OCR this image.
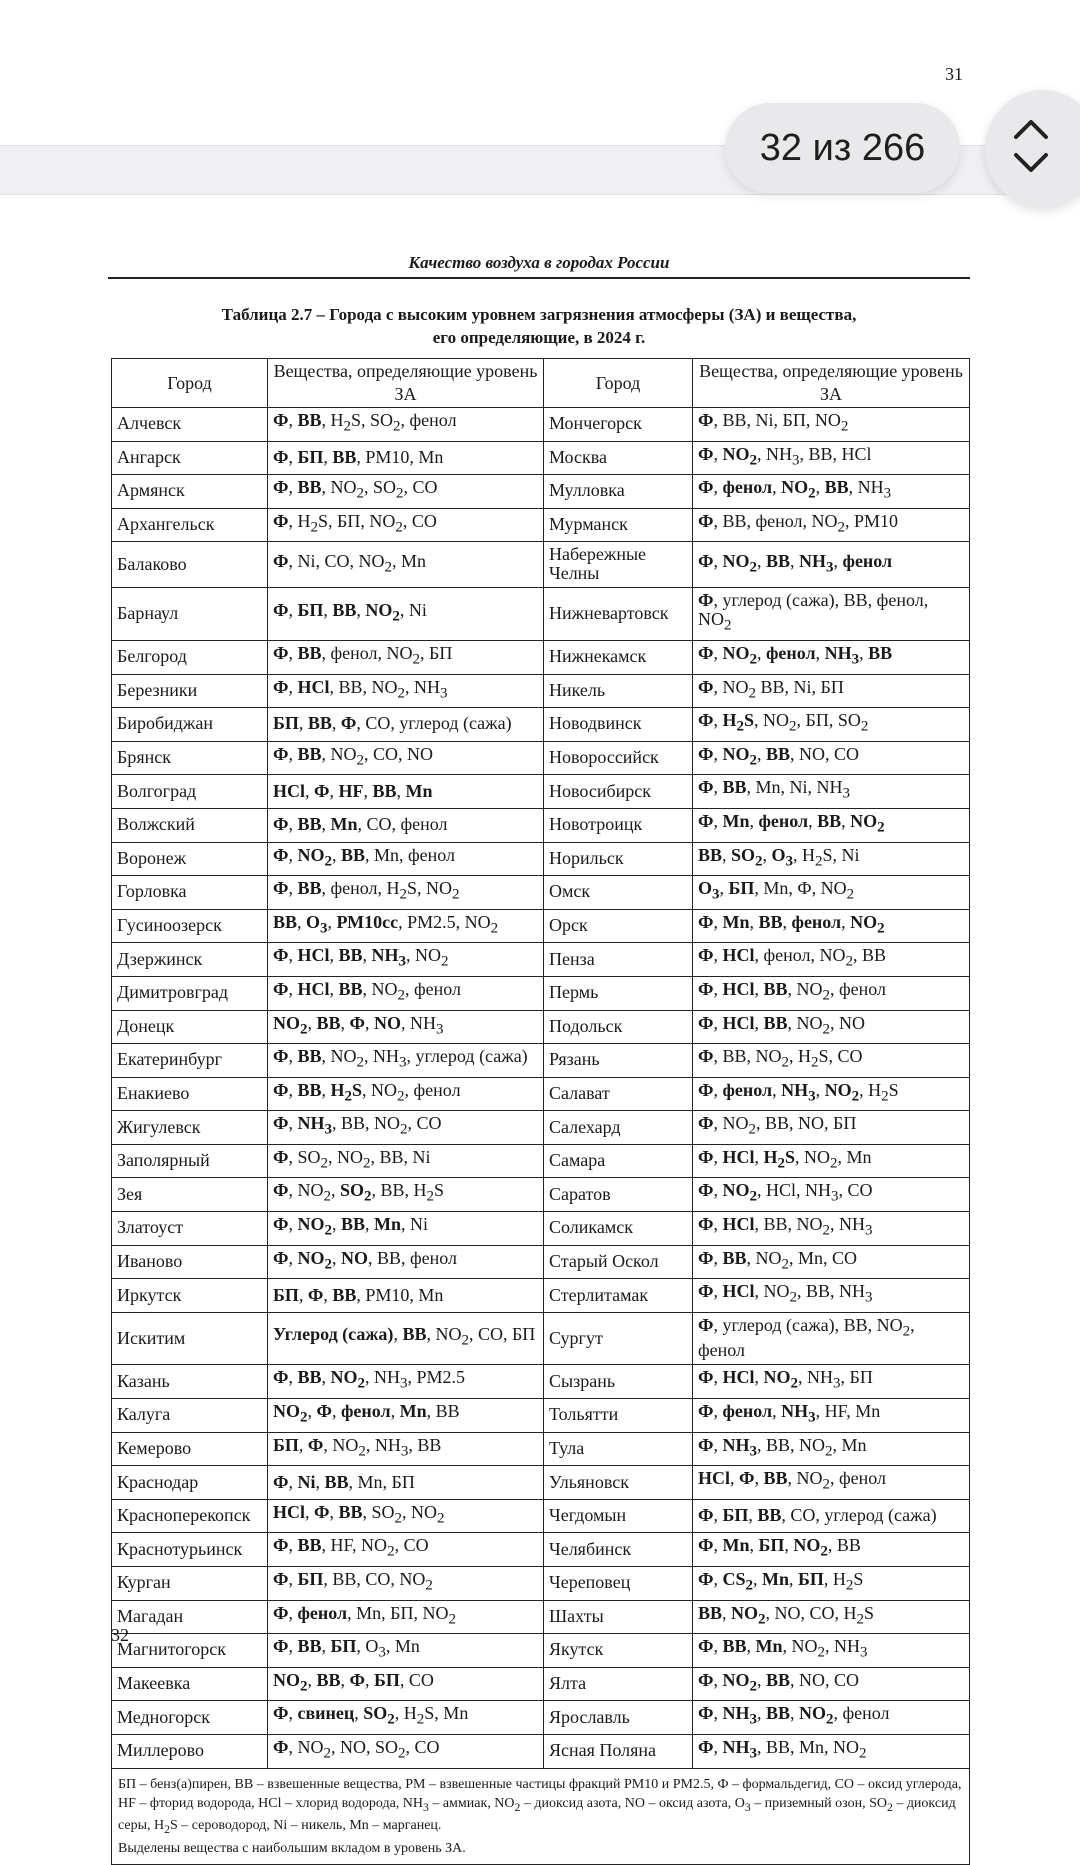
31
32 из 266
Качество воздуха в городах России
Таблица 2.7 – Города с высоким уровнем загрязнения атмосферы (ЗА) и вещества,
его определяющие, в 2024 г.
Город	Вещества, определяющие уровень ЗА	Город	Вещества, определяющие уровень ЗА
Алчевск	Ф, ВВ, $H_2S$, $SO_2$, фенол	Мончегорск	Ф, ВВ, Ni, БП, $NO_2$
Ангарск	Ф, БП, ВВ, РМ10, Mn	Москва	Ф, $NO_2$, $NH_3$, ВВ, HCl
Армянск	Ф, ВВ, $NO_2$, $SO_2$, CO	Мулловка	Ф, фенол, $NO_2$, ВВ, $NH_3$
Архангельск	Ф, $H_2S$, БП, $NO_2$, CO	Мурманск	Ф, ВВ, фенол, $NO_2$, РМ10
Балаково	Ф, Ni, CO, $NO_2$, Mn	Набережные Челны	Ф, $NO_2$, ВВ, $NH_3$, фенол
Барнаул	Ф, БП, ВВ, $NO_2$, Ni	Нижневартовск	Ф, углерод (сажа), ВВ, фенол, $NO_2$
Белгород	Ф, ВВ, фенол, $NO_2$, БП	Нижнекамск	Ф, $NO_2$, фенол, $NH_3$, ВВ
Березники	Ф, HCl, ВВ, $NO_2$, $NH_3$	Никель	Ф, $NO_2$ ВВ, Ni, БП
Биробиджан	БП, ВВ, Ф, CO, углерод (сажа)	Новодвинск	Ф, $H_2S$, $NO_2$, БП, $SO_2$
Брянск	Ф, ВВ, $NO_2$, CO, NO	Новороссийск	Ф, $NO_2$, ВВ, NO, CO
Волгоград	HCl, Ф, HF, ВВ, Mn	Новосибирск	Ф, ВВ, Mn, Ni, $NH_3$
Волжский	Ф, ВВ, Mn, CO, фенол	Новотроицк	Ф, Mn, фенол, ВВ, $NO_2$
Воронеж	Ф, $NO_2$, ВВ, Mn, фенол	Норильск	ВВ, $SO_2$, $O_3$, $H_2S$, Ni
Горловка	Ф, ВВ, фенол, $H_2S$, $NO_2$	Омск	$O_3$, БП, Mn, Ф, $NO_2$
Гусиноозерск	ВВ, $O_3$, РМ10сс, РМ2.5, $NO_2$	Орск	Ф, Mn, ВВ, фенол, $NO_2$
Дзержинск	Ф, HCl, ВВ, $NH_3$, $NO_2$	Пенза	Ф, HCl, фенол, $NO_2$, ВВ
Димитровград	Ф, HCl, ВВ, $NO_2$, фенол	Пермь	Ф, HCl, ВВ, $NO_2$, фенол
Донецк	$NO_2$, ВВ, Ф, NO, $NH_3$	Подольск	Ф, HCl, ВВ, $NO_2$, NO
Екатеринбург	Ф, ВВ, $NO_2$, $NH_3$, углерод (сажа)	Рязань	Ф, ВВ, $NO_2$, $H_2S$, CO
Енакиево	Ф, ВВ, $H_2S$, $NO_2$, фенол	Салават	Ф, фенол, $NH_3$, $NO_2$, $H_2S$
Жигулевск	Ф, $NH_3$, ВВ, $NO_2$, CO	Салехард	Ф, $NO_2$, ВВ, NO, БП
Заполярный	Ф, $SO_2$, $NO_2$, ВВ, Ni	Самара	Ф, HCl, $H_2S$, $NO_2$, Mn
Зея	Ф, $NO_2$, $SO_2$, ВВ, $H_2S$	Саратов	Ф, $NO_2$, HCl, $NH_3$, CO
Златоуст	Ф, $NO_2$, ВВ, Mn, Ni	Соликамск	Ф, HCl, ВВ, $NO_2$, $NH_3$
Иваново	Ф, $NO_2$, NO, ВВ, фенол	Старый Оскол	Ф, ВВ, $NO_2$, Mn, CO
Иркутск	БП, Ф, ВВ, РМ10, Mn	Стерлитамак	Ф, HCl, $NO_2$, ВВ, $NH_3$
Искитим	Углерод (сажа), ВВ, $NO_2$, CO, БП	Сургут	Ф, углерод (сажа), ВВ, $NO_2$, фенол
Казань	Ф, ВВ, $NO_2$, $NH_3$, РМ2.5	Сызрань	Ф, HCl, $NO_2$, $NH_3$, БП
Калуга	$NO_2$, Ф, фенол, Mn, ВВ	Тольятти	Ф, фенол, $NH_3$, HF, Mn
Кемерово	БП, Ф, $NO_2$, $NH_3$, ВВ	Тула	Ф, $NH_3$, ВВ, $NO_2$, Mn
Краснодар	Ф, Ni, ВВ, Mn, БП	Ульяновск	HCl, Ф, ВВ, $NO_2$, фенол
Красноперекопск	HCl, Ф, ВВ, $SO_2$, $NO_2$	Чегдомын	Ф, БП, ВВ, CO, углерод (сажа)
Краснотурьинск	Ф, ВВ, HF, $NO_2$, CO	Челябинск	Ф, Mn, БП, $NO_2$, ВВ
Курган	Ф, БП, ВВ, CO, $NO_2$	Череповец	Ф, $CS_2$, Mn, БП, $H_2S$
Магадан	Ф, фенол, Mn, БП, $NO_2$	Шахты	ВВ, $NO_2$, NO, CO, $H_2S$
Магнитогорск	Ф, ВВ, БП, $O_3$, Mn	Якутск	Ф, ВВ, Mn, $NO_2$, $NH_3$
Макеевка	$NO_2$, ВВ, Ф, БП, CO	Ялта	Ф, $NO_2$, ВВ, NO, CO
Медногорск	Ф, свинец, $SO_2$, $H_2S$, Mn	Ярославль	Ф, $NH_3$, ВВ, $NO_2$, фенол
Миллерово	Ф, $NO_2$, NO, $SO_2$, CO	Ясная Поляна	Ф, $NH_3$, ВВ, Mn, $NO_2$
БП – бенз(а)пирен, ВВ – взвешенные вещества, РМ – взвешенные частицы фракций РМ10 и РМ2.5, Ф – формальдегид, CO – оксид углерода, HF – фторид водорода, HCl – хлорид водорода, $NH_3$ – аммиак, $NO_2$ – диоксид азота, NO – оксид азота, $O_3$ – приземный озон, $SO_2$ – диоксид серы, $H_2S$ – сероводород, Ni – никель, Mn – марганец.
Выделены вещества с наибольшим вкладом в уровень ЗА.			
32
